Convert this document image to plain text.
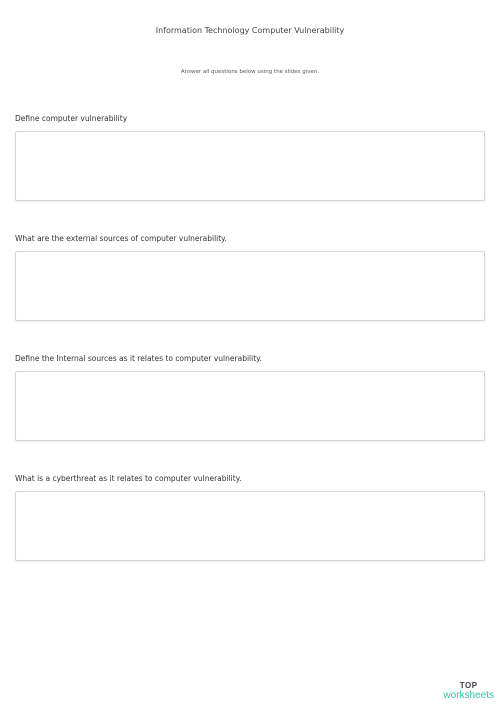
Information Technology Computer Vulnerability
Answer all questions below using the slides given.
Define computer vulnerability
What are the external sources of computer vulnerability.
Define the Internal sources as it relates to computer vulnerability.
What is a cyberthreat as it relates to computer vulnerability.
TOP
worksheets
